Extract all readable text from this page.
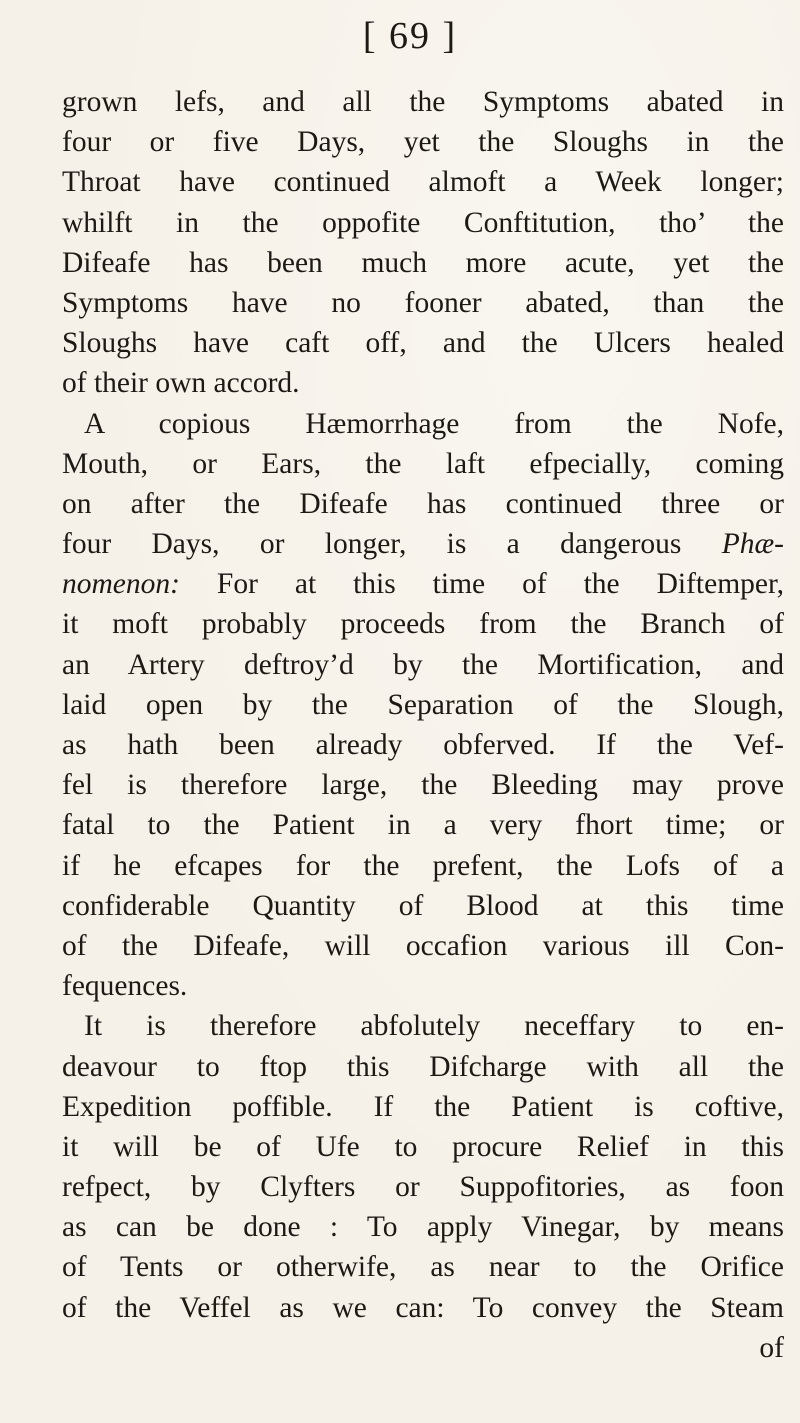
[ 69 ]
grown lefs, and all the Symptoms abated in
four or five Days, yet the Sloughs in the
Throat have continued almoft a Week longer;
whilft in the oppofite Conftitution, tho’ the
Difeafe has been much more acute, yet the
Symptoms have no fooner abated, than the
Sloughs have caft off, and the Ulcers healed
of their own accord.
A copious Hæmorrhage from the Nofe,
Mouth, or Ears, the laft efpecially, coming
on after the Difeafe has continued three or
four Days, or longer, is a dangerous Phæ-
nomenon: For at this time of the Diftemper,
it moft probably proceeds from the Branch of
an Artery deftroy’d by the Mortification, and
laid open by the Separation of the Slough,
as hath been already obferved. If the Vef-
fel is therefore large, the Bleeding may prove
fatal to the Patient in a very fhort time; or
if he efcapes for the prefent, the Lofs of a
confiderable Quantity of Blood at this time
of the Difeafe, will occafion various ill Con-
fequences.
It is therefore abfolutely neceffary to en-
deavour to ftop this Difcharge with all the
Expedition poffible. If the Patient is coftive,
it will be of Ufe to procure Relief in this
refpect, by Clyfters or Suppofitories, as foon
as can be done : To apply Vinegar, by means
of Tents or otherwife, as near to the Orifice
of the Veffel as we can: To convey the Steam
of
